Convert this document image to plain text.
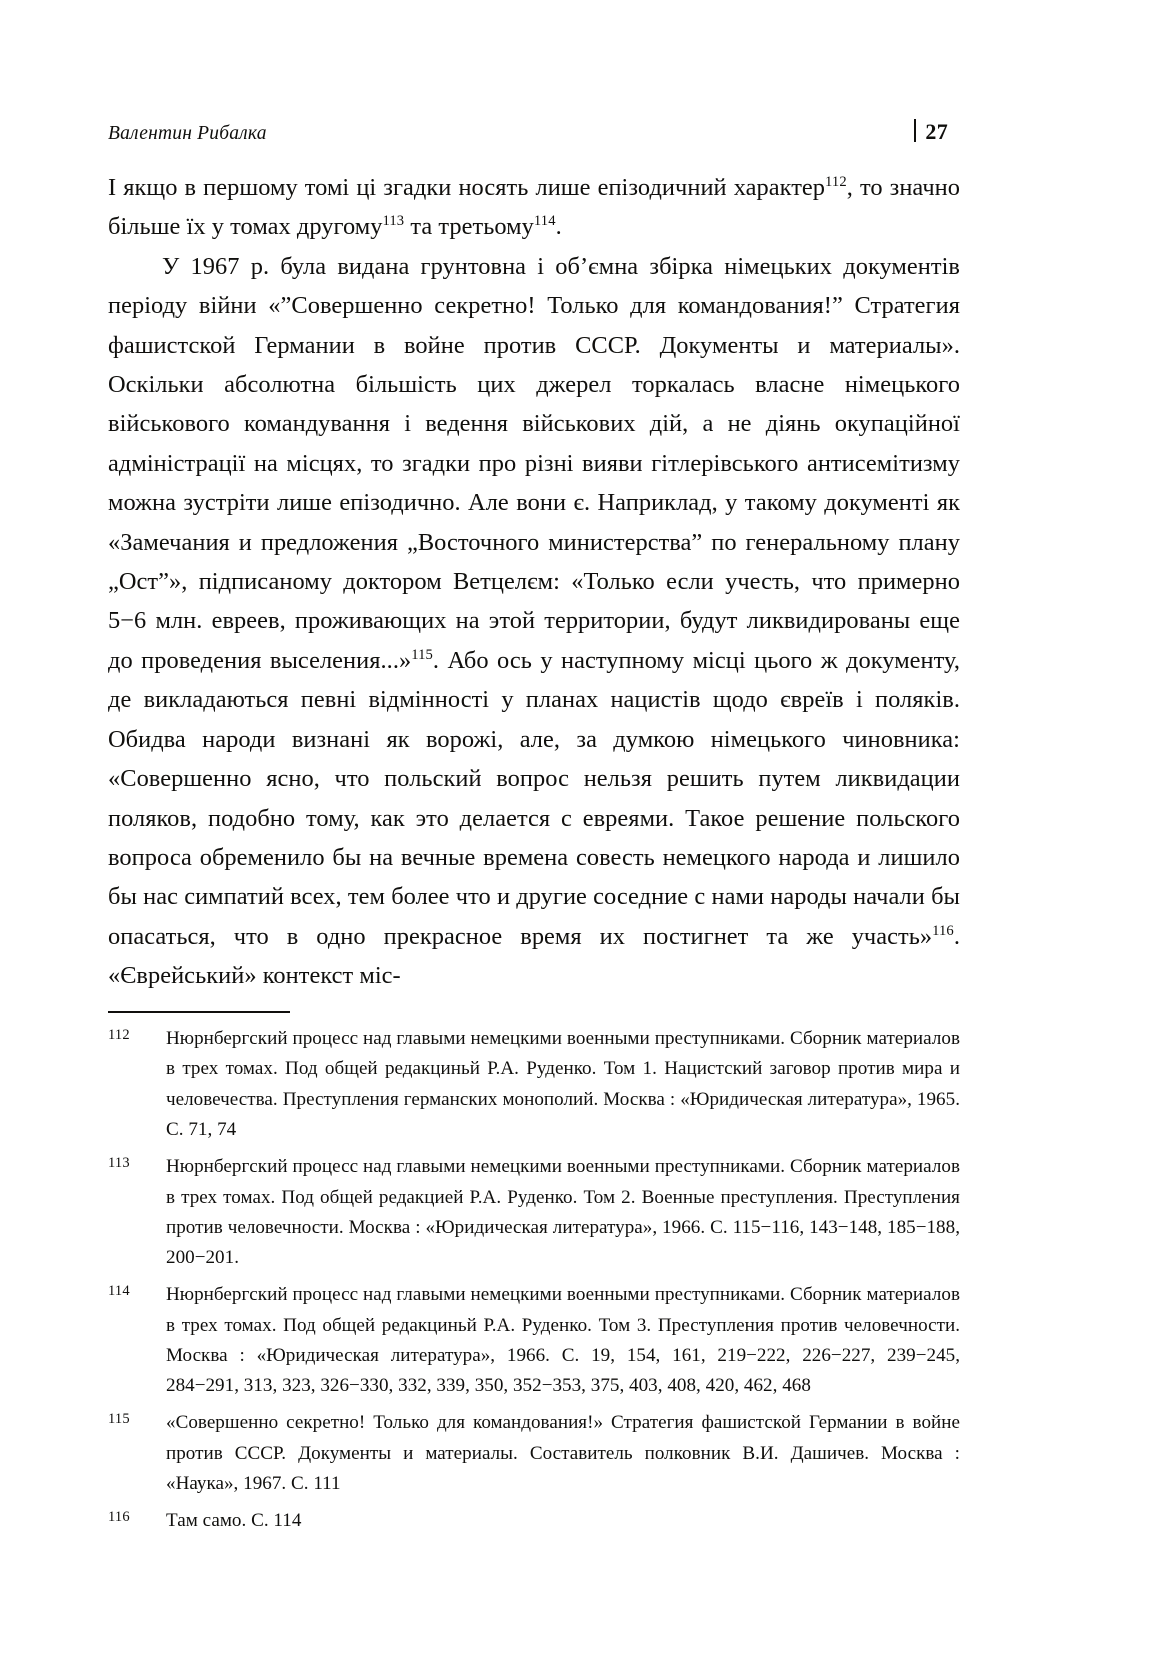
Валентин Рибалка	27

І якщо в першому томі ці згадки носять лише епізодичний характер$^{112}$, то значно більше їх у томах другому$^{113}$ та третьому$^{114}$.

У 1967 р. була видана грунтовна і об’ємна збірка німецьких документів періоду війни «”Совершенно секретно! Только для командования!” Стратегия фашистской Германии в войне против СССР. Документы и материалы». Оскільки абсолютна більшість цих джерел торкалась власне німецького військового командування і ведення військових дій, а не діянь окупаційної адміністрації на місцях, то згадки про різні вияви гітлерівського антисемітизму можна зустріти лише епізодично. Але вони є. Наприклад, у такому документі як «Замечания и предложения „Восточного министерства” по генеральному плану „Ост”», підписаному доктором Ветцелєм: «Только если учесть, что примерно 5−6 млн. евреев, проживающих на этой территории, будут ликвидированы еще до проведения выселения...»$^{115}$. Або ось у наступному місці цього ж документу, де викладаються певні відмінності у планах нацистів щодо євреїв і поляків. Обидва народи визнані як ворожі, але, за думкою німецького чиновника: «Совершенно ясно, что польский вопрос нельзя решить путем ликвидации поляков, подобно тому, как это делается с евреями. Такое решение польского вопроса обременило бы на вечные времена совесть немецкого народа и лишило бы нас симпатий всех, тем более что и другие соседние с нами народы начали бы опасаться, что в одно прекрасное время их постигнет та же участь»$^{116}$. «Єврейський» контекст міс-

112	Нюрнбергский процесс над главыми немецкими военными преступниками. Сборник материалов в трех томах. Под общей редакциньй Р.А. Руденко. Том 1. Нацистский заговор против мира и человечества. Преступления германских монополий. Москва : «Юридическая литература», 1965. С. 71, 74
113	Нюрнбергский процесс над главыми немецкими военными преступниками. Сборник материалов в трех томах. Под общей редакцией Р.А. Руденко. Том 2. Военные преступления. Преступления против человечности. Москва : «Юридическая литература», 1966. С. 115−116, 143−148, 185−188, 200−201.
114	Нюрнбергский процесс над главыми немецкими военными преступниками. Сборник материалов в трех томах. Под общей редакциньй Р.А. Руденко. Том 3. Преступления против человечности. Москва : «Юридическая литература», 1966. С. 19, 154, 161, 219−222, 226−227, 239−245, 284−291, 313, 323, 326−330, 332, 339, 350, 352−353, 375, 403, 408, 420, 462, 468
115	«Совершенно секретно! Только для командования!» Стратегия фашистской Германии в войне против СССР. Документы и материалы. Составитель полковник В.И. Дашичев. Москва : «Наука», 1967. С. 111
116	Там само. С. 114
